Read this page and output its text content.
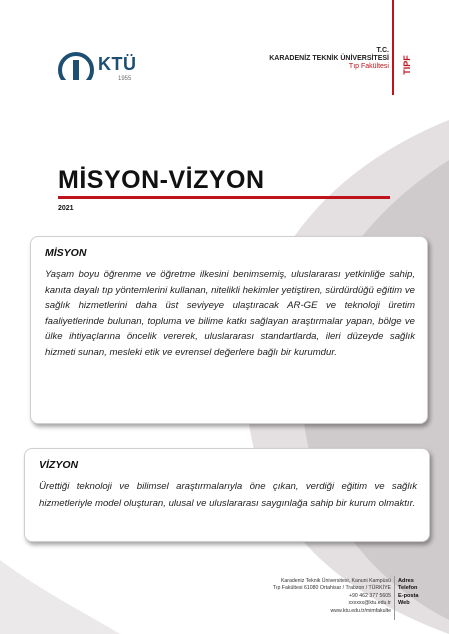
KTÜ
1955
T.C.
KARADENİZ TEKNİK ÜNİVERSİTESİ
Tıp Fakültesi TIPF
MİSYON-VİZYON
2021
MİSYON
Yaşam boyu öğrenme ve öğretme ilkesini benimsemiş, uluslararası yetkinliğe sahip, kanıta dayalı tıp yöntemlerini kullanan, nitelikli hekimler yetiştiren, sürdürdüğü eğitim ve sağlık hizmetlerini daha üst seviyeye ulaştıracak AR-GE ve teknoloji üretim faaliyetlerinde bulunan, topluma ve bilime katkı sağlayan araştırmalar yapan, bölge ve ülke ihtiyaçlarına öncelik vererek, uluslararası standartlarda, ileri düzeyde sağlık hizmeti sunan, mesleki etik ve evrensel değerlere bağlı bir kurumdur.
VİZYON
Ürettiği teknoloji ve bilimsel araştırmalarıyla öne çıkan, verdiği eğitim ve sağlık hizmetleriyle model oluşturan, ulusal ve uluslararası saygınlağa sahip bir kurum olmaktır.
Karadeniz Teknik Üniversitesi, Kanuni Kampüsü
Tıp Fakültesi 61080 Ortahisar / Trabzon / TÜRKİYE
+90 462 377 5605
xxxxxx@ktu.edu.tr
www.ktu.edu.tr/mimfakulte
Adres
Telefon
E-posta
Web
